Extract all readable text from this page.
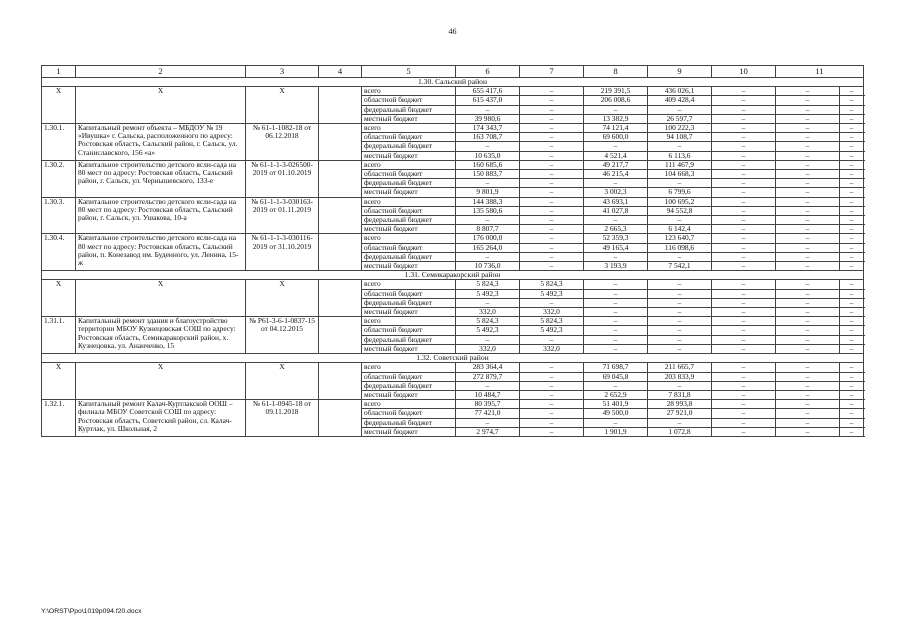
46
1	2	3	4	5	6	7	8	9	10	11	
1.30. Сальский район											
X	X	X		всего	655 417,6	–	219 391,5	436 026,1	–	–	–
				областной бюджет	615 437,0	–	206 008,6	409 428,4	–	–	–
				федеральный бюджет	–	–	–	–	–	–	–
				местный бюджет	39 980,6	–	13 382,9	26 597,7	–	–	–
1.30.1.	Капитальный ремонт объекта – МБДОУ № 19 «Ивушка» г. Сальска, расположенного по адресу: Ростовская область, Сальский район, г. Сальск, ул. Станиславского, 156 «а»	№ 61-1-1082-18 от 06.12.2018		всего	174 343,7	–	74 121,4	100 222,3	–	–	–
				областной бюджет	163 708,7	–	69 600,0	94 108,7	–	–	–
				федеральный бюджет	–	–	–	–	–	–	–
				местный бюджет	10 635,0	–	4 521,4	6 113,6	–	–	–
1.30.2.	Капитальное строительство детского ясли-сада на 80 мест по адресу: Ростовская область, Сальский район, г. Сальск, ул. Чернышевского, 133-е	№ 61-1-1-3-026500-2019 от 01.10.2019		всего	160 685,6	–	49 217,7	111 467,9	–	–	–
				областной бюджет	150 883,7	–	46 215,4	104 668,3	–	–	–
				федеральный бюджет	–	–	–	–	–	–	–
				местный бюджет	9 801,9	–	3 002,3	6 799,6	–	–	–
1.30.3.	Капитальное строительство детского ясли-сада на 80 мест по адресу: Ростовская область, Сальский район, г. Сальск, ул. Ушакова, 10-а	№ 61-1-1-3-030163-2019 от 01.11.2019		всего	144 388,3	–	43 693,1	100 695,2	–	–	–
				областной бюджет	135 580,6	–	41 027,8	94 552,8	–	–	–
				федеральный бюджет	–	–	–	–	–	–	–
				местный бюджет	8 807,7	–	2 665,3	6 142,4	–	–	–
1.30.4.	Капитальное строительство детского ясли-сада на 80 мест по адресу: Ростовская область, Сальский район, п. Конезавод им. Буденного, ул. Ленина, 15-ж	№ 61-1-1-3-030116-2019 от 31.10.2019		всего	176 000,0	–	52 359,3	123 640,7	–	–	–
				областной бюджет	165 264,0	–	49 165,4	116 098,6	–	–	–
				федеральный бюджет	–	–	–	–	–	–	–
				местный бюджет	10 736,0	–	3 193,9	7 542,1	–	–	–
1.31. Семикаракорский район											
X	X	X		всего	5 824,3	5 824,3	–	–	–	–	–
				областной бюджет	5 492,3	5 492,3	–	–	–	–	–
				федеральный бюджет	–	–	–	–	–	–	–
				местный бюджет	332,0	332,0	–	–	–	–	–
1.31.1.	Капитальный ремонт здания и благоустройство территории МБОУ Кузнецовская СОШ по адресу: Ростовская область, Семикаракорский район, х. Кузнецовка, ул. Ананченко, 15	№ Р61-3-6-1-0837-15 от 04.12.2015		всего	5 824,3	5 824,3	–	–	–	–	–
				областной бюджет	5 492,3	5 492,3	–	–	–	–	–
				федеральный бюджет	–	–	–	–	–	–	–
				местный бюджет	332,0	332,0	–	–	–	–	–
1.32. Советский район											
X	X	X		всего	283 364,4	–	71 698,7	211 665,7	–	–	–
				областной бюджет	272 879,7	–	69 045,8	203 833,9	–	–	–
				федеральный бюджет	–	–	–	–	–	–	–
				местный бюджет	10 484,7	–	2 652,9	7 831,8	–	–	–
1.32.1.	Капитальный ремонт Калач-Куртлакской ООШ – филиала МБОУ Советской СОШ по адресу: Ростовская область, Советский район, сл. Калач-Куртлак, ул. Школьная, 2	№ 61-1-0945-18 от 09.11.2018		всего	80 395,7	–	51 401,9	28 993,8	–	–	–
				областной бюджет	77 421,0	–	49 500,0	27 921,0	–	–	–
				федеральный бюджет	–	–	–	–	–	–	–
				местный бюджет	2 974,7	–	1 901,9	1 072,8	–	–	–
Y:\ORST\Ppo\1019p094.f20.docx
